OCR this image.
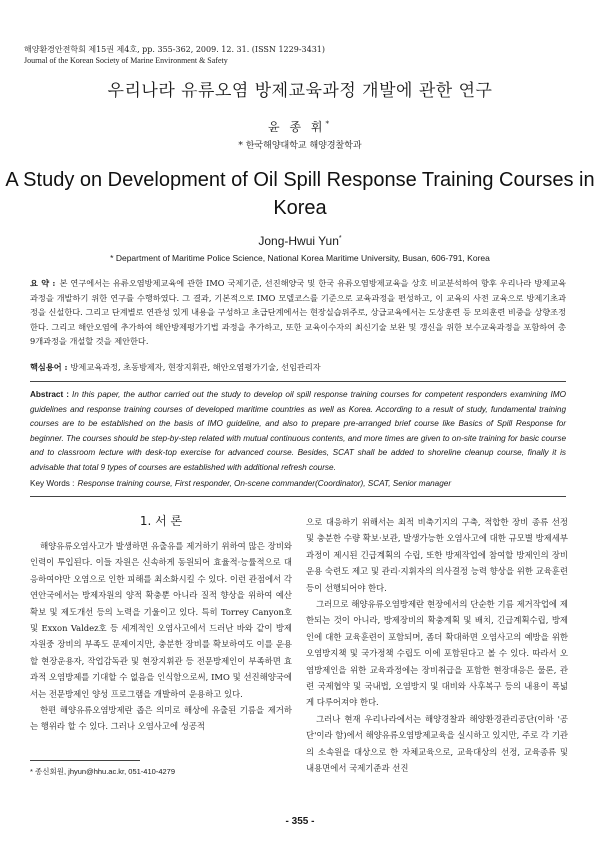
해양환경안전학회 제15권 제4호, pp. 355-362, 2009. 12. 31. (ISSN 1229-3431)
Journal of the Korean Society of Marine Environment & Safety
우리나라 유류오염 방제교육과정 개발에 관한 연구
윤 종 휘*
* 한국해양대학교 해양경찰학과
A Study on Development of Oil Spill Response Training Courses in Korea
Jong-Hwui Yun*
* Department of Maritime Police Science, National Korea Maritime University, Busan, 606-791, Korea
요 약 : 본 연구에서는 유류오염방제교육에 관한 IMO 국제기준, 선진해양국 및 한국 유류오염방제교육을 상호 비교분석하여 향후 우리나라 방제교육과정을 개발하기 위한 연구를 수행하였다. 그 결과, 기본적으로 IMO 모델코스를 기준으로 교육과정을 편성하고, 이 교육의 사전 교육으로 방제기초과정을 신설한다. 그리고 단계별로 연관성 있게 내용을 구성하고 초급단계에서는 현장실습위주로, 상급교육에서는 도상훈련 등 모의훈련 비중을 상향조정한다. 그리고 해안오염에 추가하여 해안방제평가기법 과정을 추가하고, 또한 교육이수자의 최신기술 보완 및 갱신을 위한 보수교육과정을 포함하여 총 9개과정을 개설할 것을 제안한다.
핵심용어 : 방제교육과정, 초동방제자, 현장지휘관, 해안오염평가기술, 선임관리자
Abstract : In this paper, the author carried out the study to develop oil spill response training courses for competent responders examining IMO guidelines and response training courses of developed maritime countries as well as Korea. According to a result of study, fundamental training courses are to be established on the basis of IMO guideline, and also to prepare pre-arranged brief course like Basics of Spill Response for beginner. The courses should be step-by-step related with mutual continuous contents, and more times are given to on-site training for basic course and to classroom lecture with desk-top exercise for advanced course. Besides, SCAT shall be added to shoreline cleanup course, finally it is advisable that total 9 types of courses are established with additional refresh course.
Key Words : Response training course, First responder, On-scene commander(Coordinator), SCAT, Senior manager
1. 서 론

해양유류오염사고가 발생하면 유출유를 제거하기 위하여 많은 장비와 인력이 투입된다. 이들 자원은 신속하게 동원되어 효율적·능률적으로 대응하여야만 오염으로 인한 피해를 최소화시킬 수 있다. 이런 관점에서 각 연안국에서는 방제자원의 양적 확충뿐 아니라 질적 향상을 위하여 예산확보 및 제도개선 등의 노력을 기울이고 있다. 특히 Torrey Canyon호 및 Exxon Valdez호 등 세계적인 오염사고에서 드러난 바와 같이 방제 자원중 장비의 부족도 문제이지만, 충분한 장비를 확보하여도 이를 운용할 현장운용자, 작업감독관 및 현장지휘관 등 전문방제인이 부족하면 효과적 오염방제를 기대할 수 없음을 인식함으로써, IMO 및 선진해양국에서는 전문방제인 양성 프로그램을 개발하여 운용하고 있다.

한편 해양유류오염방제란 좁은 의미로 해상에 유출된 기름을 제거하는 행위라 할 수 있다. 그러나 오염사고에 성공적

으로 대응하기 위해서는 최적 비축기지의 구축, 적합한 장비 종류 선정 및 충분한 수량 확보·보관, 발생가능한 오염사고에 대한 규모별 방제세부과정이 제시된 긴급계획의 수립, 또한 방제작업에 참여할 방제인의 장비운용 숙련도 제고 및 관리·지휘자의 의사결정 능력 향상을 위한 교육훈련 등이 선행되어야 한다.

그러므로 해양유류오염방제란 현장에서의 단순한 기름 제거작업에 제한되는 것이 아니라, 방제장비의 확충계획 및 배치, 긴급계획수립, 방제인에 대한 교육훈련이 포함되며, 좀더 확대하면 오염사고의 예방을 위한 오염방지책 및 국가정책 수립도 이에 포함된다고 볼 수 있다. 따라서 오염방제인을 위한 교육과정에는 장비취급을 포함한 현장대응은 물론, 관련 국제협약 및 국내법, 오염방지 및 대비와 사후복구 등의 내용이 폭넓게 다루어져야 한다.

그러나 현재 우리나라에서는 해양경찰과 해양환경관리공단(이하 '공단'이라 함)에서 해양유류오염방제교육을 실시하고 있지만, 주로 각 기관의 소속원을 대상으로 한 자체교육으로, 교육대상의 선정, 교육종류 및 내용면에서 국제기준과 선진

* 종신회원, jhyun@hhu.ac.kr, 051-410-4279
- 355 -
